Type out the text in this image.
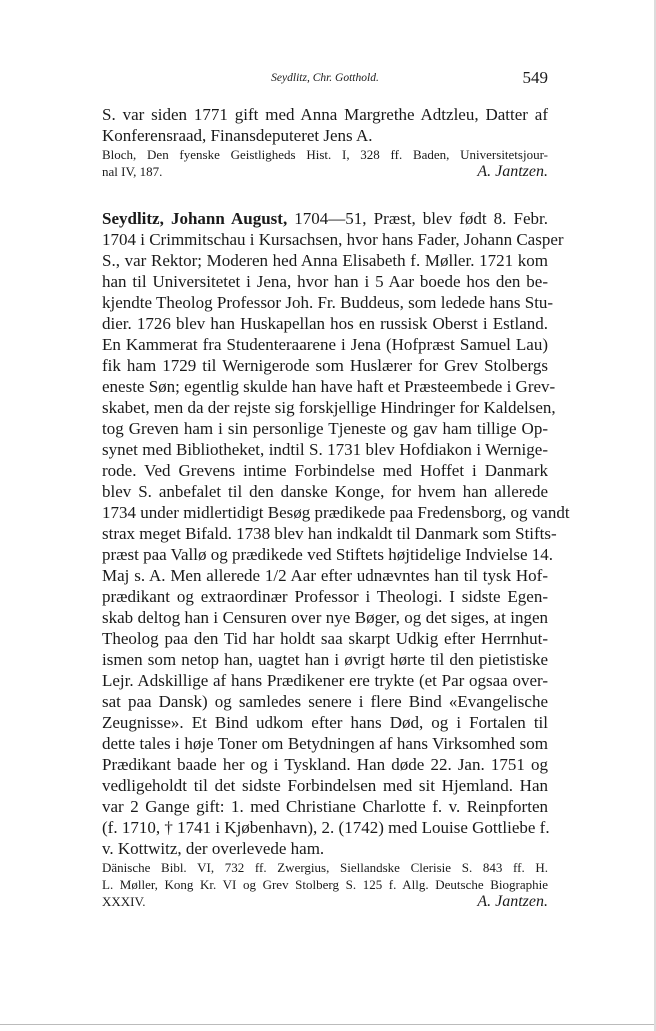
Seydlitz, Chr. Gotthold.	549
S. var siden 1771 gift med Anna Margrethe Adtzleu, Datter af
Konferensraad, Finansdeputeret Jens A.
Bloch, Den fyenske Geistligheds Hist. I, 328 ff. Baden, Universitetsjour-
nal IV, 187.	A. Jantzen.
Seydlitz, Johann August, 1704—51, Præst, blev født 8. Febr.
1704 i Crimmitschau i Kursachsen, hvor hans Fader, Johann Casper
S., var Rektor; Moderen hed Anna Elisabeth f. Møller. 1721 kom
han til Universitetet i Jena, hvor han i 5 Aar boede hos den be-
kjendte Theolog Professor Joh. Fr. Buddeus, som ledede hans Stu-
dier. 1726 blev han Huskapellan hos en russisk Oberst i Estland.
En Kammerat fra Studenteraarene i Jena (Hofpræst Samuel Lau)
fik ham 1729 til Wernigerode som Huslærer for Grev Stolbergs
eneste Søn; egentlig skulde han have haft et Præsteembede i Grev-
skabet, men da der rejste sig forskjellige Hindringer for Kaldelsen,
tog Greven ham i sin personlige Tjeneste og gav ham tillige Op-
synet med Bibliotheket, indtil S. 1731 blev Hofdiakon i Wernige-
rode. Ved Grevens intime Forbindelse med Hoffet i Danmark
blev S. anbefalet til den danske Konge, for hvem han allerede
1734 under midlertidigt Besøg prædikede paa Fredensborg, og vandt
strax meget Bifald. 1738 blev han indkaldt til Danmark som Stifts-
præst paa Vallø og prædikede ved Stiftets højtidelige Indvielse 14.
Maj s. A. Men allerede 1/2 Aar efter udnævntes han til tysk Hof-
prædikant og extraordinær Professor i Theologi. I sidste Egen-
skab deltog han i Censuren over nye Bøger, og det siges, at ingen
Theolog paa den Tid har holdt saa skarpt Udkig efter Herrnhut-
ismen som netop han, uagtet han i øvrigt hørte til den pietistiske
Lejr. Adskillige af hans Prædikener ere trykte (et Par ogsaa over-
sat paa Dansk) og samledes senere i flere Bind «Evangelische
Zeugnisse». Et Bind udkom efter hans Død, og i Fortalen til
dette tales i høje Toner om Betydningen af hans Virksomhed som
Prædikant baade her og i Tyskland. Han døde 22. Jan. 1751 og
vedligeholdt til det sidste Forbindelsen med sit Hjemland. Han
var 2 Gange gift: 1. med Christiane Charlotte f. v. Reinpforten
(f. 1710, † 1741 i Kjøbenhavn), 2. (1742) med Louise Gottliebe f.
v. Kottwitz, der overlevede ham.
Dänische Bibl. VI, 732 ff. Zwergius, Siellandske Clerisie S. 843 ff. H.
L. Møller, Kong Kr. VI og Grev Stolberg S. 125 f. Allg. Deutsche Biographie
XXXIV.	A. Jantzen.
